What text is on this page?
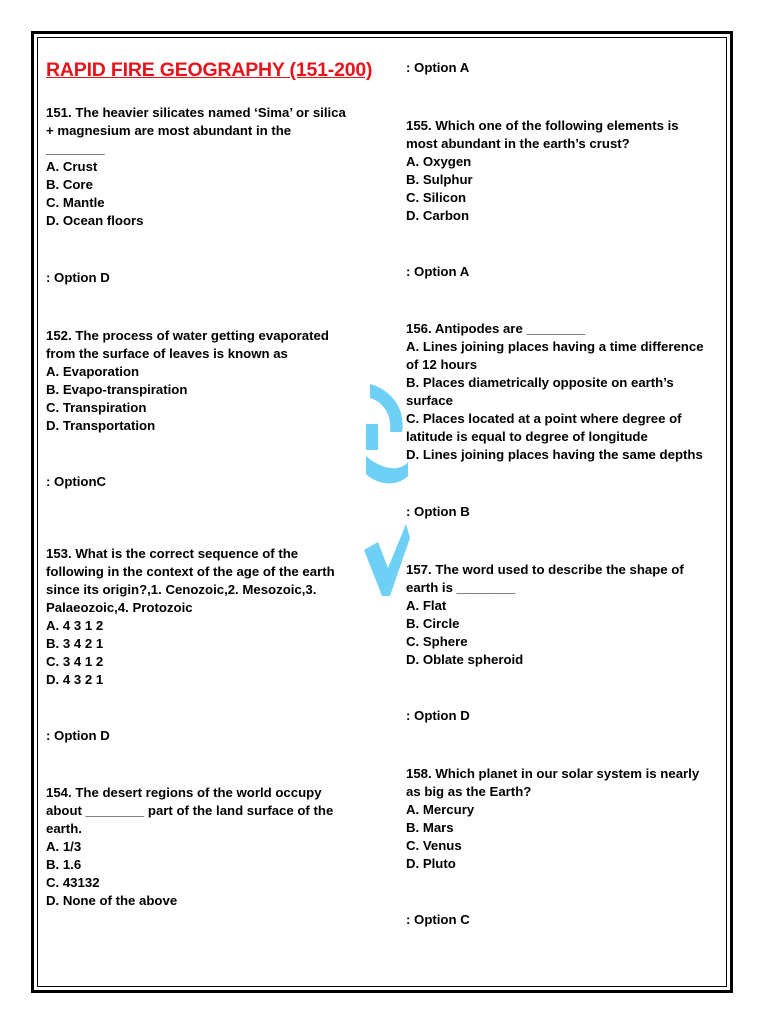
RAPID FIRE GEOGRAPHY (151-200)
151. The heavier silicates named ‘Sima’ or silica
+ magnesium are most abundant in the
________
A. Crust
B. Core
C. Mantle
D. Ocean floors
: Option D
152. The process of water getting evaporated
from the surface of leaves is known as
A. Evaporation
B. Evapo-transpiration
C. Transpiration
D. Transportation
: OptionC
153. What is the correct sequence of the
following in the context of the age of the earth
since its origin?,1. Cenozoic,2. Mesozoic,3.
Palaeozoic,4. Protozoic
A. 4 3 1 2
B. 3 4 2 1
C. 3 4 1 2
D. 4 3 2 1
: Option D
154. The desert regions of the world occupy
about ________ part of the land surface of the
earth.
A. 1/3
B. 1.6
C. 43132
D. None of the above
: Option A
155. Which one of the following elements is
most abundant in the earth’s crust?
A. Oxygen
B. Sulphur
C. Silicon
D. Carbon
: Option A
156. Antipodes are ________
A. Lines joining places having a time difference
of 12 hours
B. Places diametrically opposite on earth’s
surface
C. Places located at a point where degree of
latitude is equal to degree of longitude
D. Lines joining places having the same depths
: Option B
157. The word used to describe the shape of
earth is ________
A. Flat
B. Circle
C. Sphere
D. Oblate spheroid
: Option D
158. Which planet in our solar system is nearly
as big as the Earth?
A. Mercury
B. Mars
C. Venus
D. Pluto
: Option C
